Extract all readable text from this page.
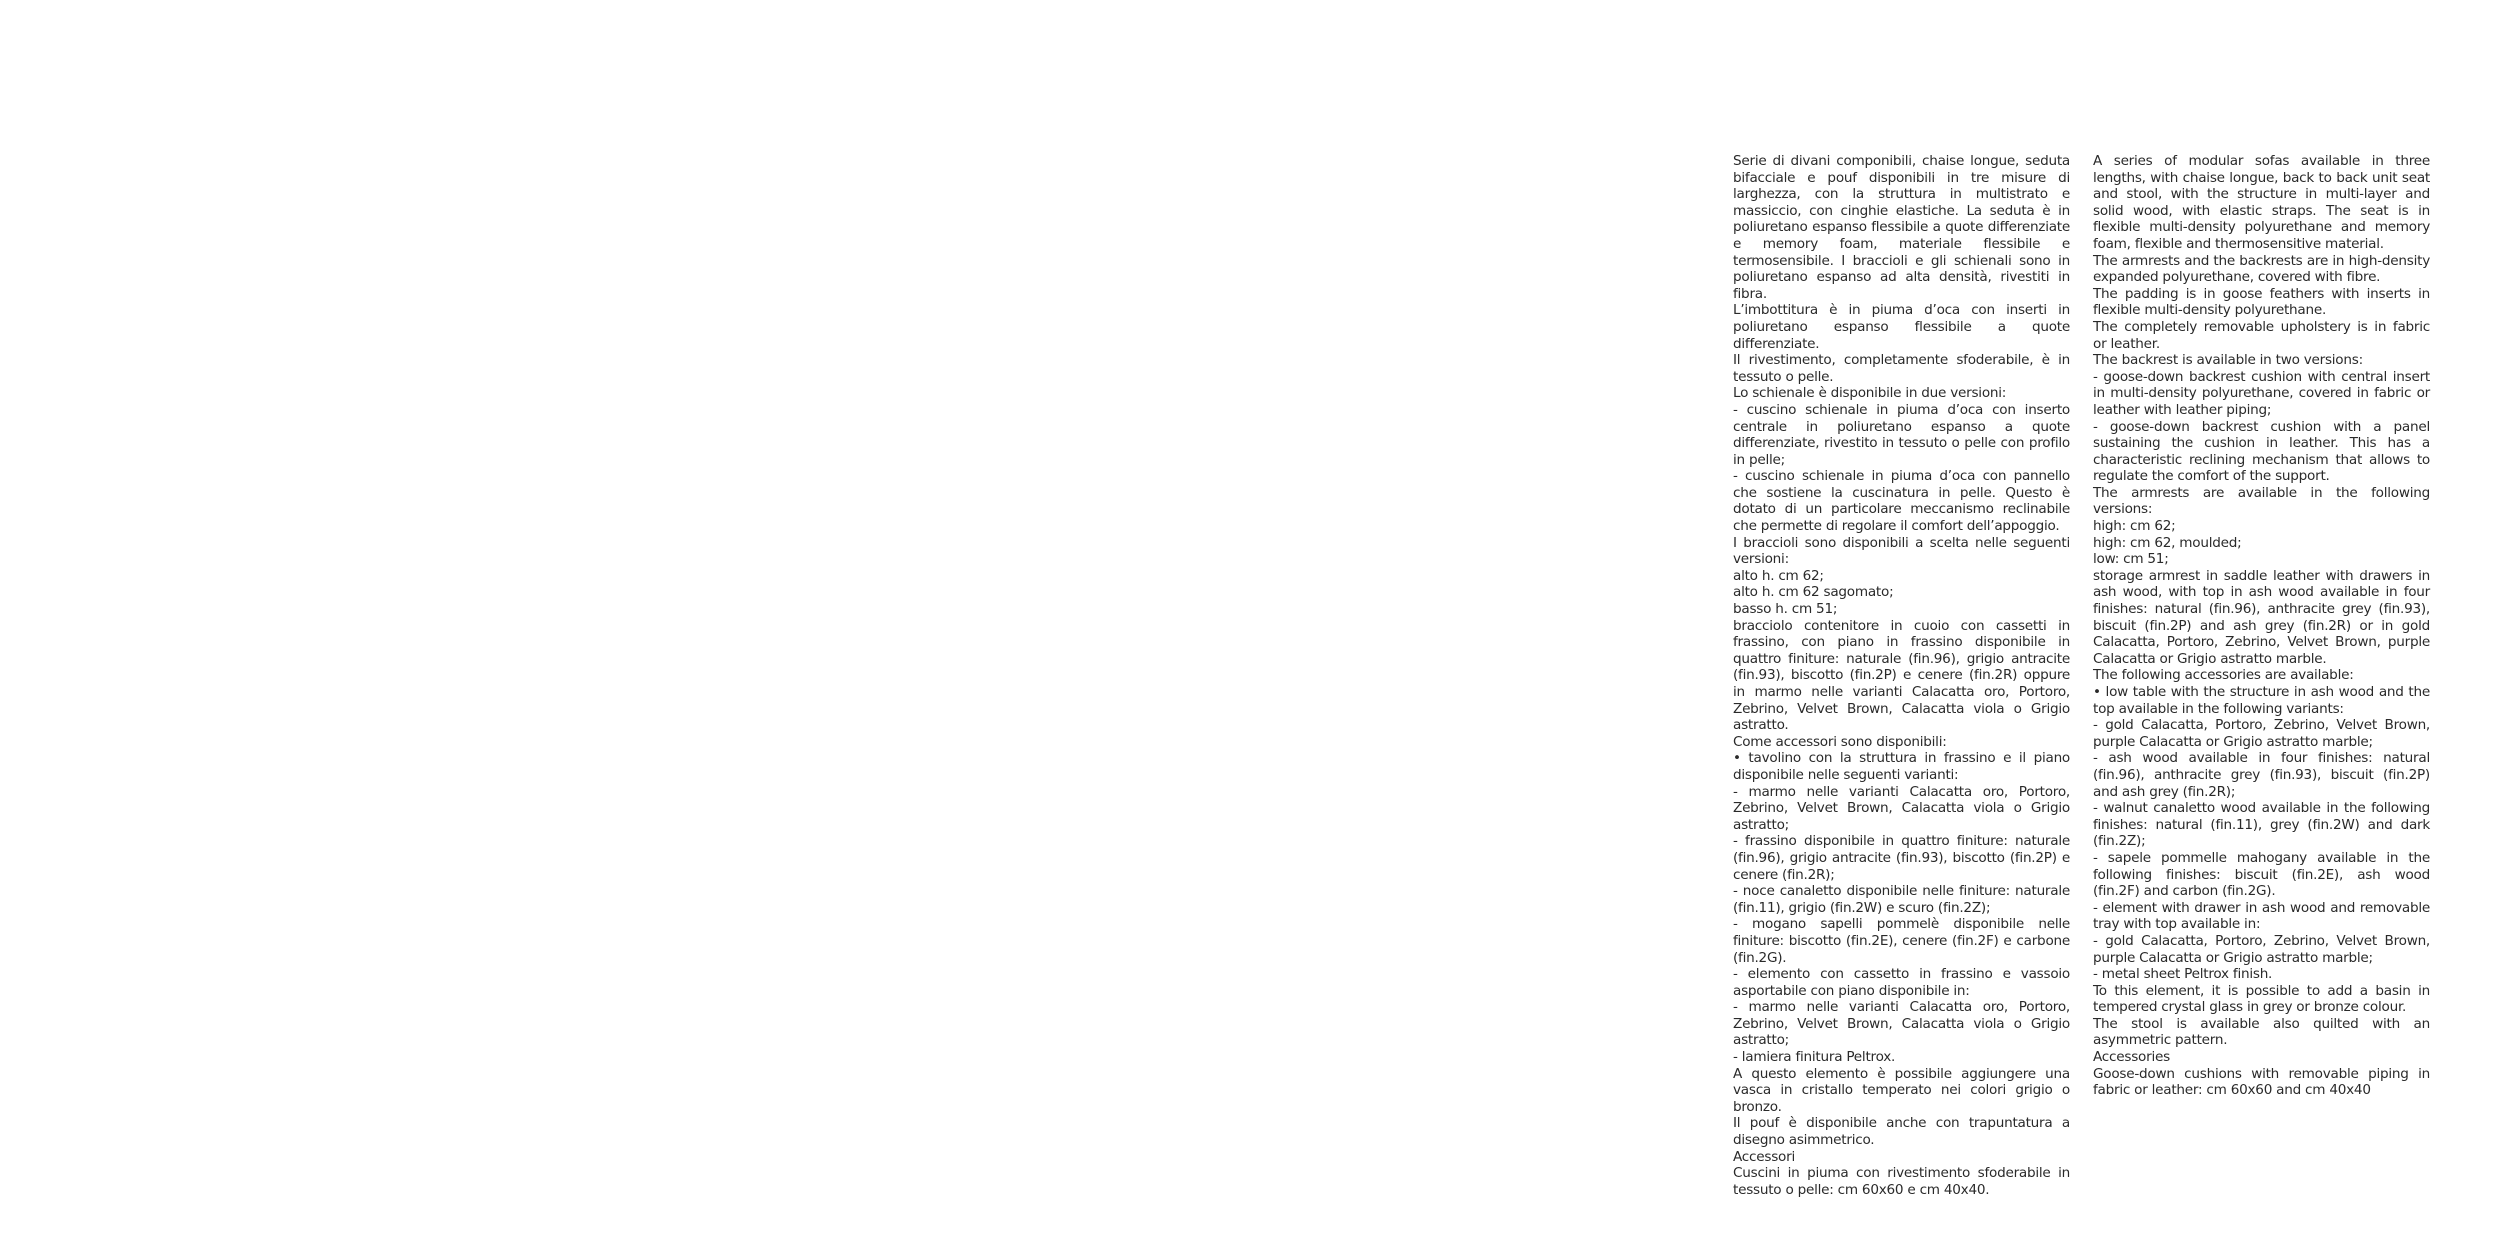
Serie di divani componibili, chaise longue, seduta bifacciale e pouf disponibili in tre misure di larghezza, con la struttura in multistrato e massiccio, con cinghie elastiche. La seduta è in poliuretano espanso flessibile a quote differenziate e memory foam, materiale flessibile e termosensibile. I braccioli e gli schienali sono in poliuretano espanso ad alta densità, rivestiti in fibra.

L’imbottitura è in piuma d’oca con inserti in poliuretano espanso flessibile a quote differenziate.

Il rivestimento, completamente sfoderabile, è in tessuto o pelle.

Lo schienale è disponibile in due versioni:

- cuscino schienale in piuma d’oca con inserto centrale in poliuretano espanso a quote differenziate, rivestito in tessuto o pelle con profilo in pelle;

- cuscino schienale in piuma d’oca con pannello che sostiene la cuscinatura in pelle. Questo è dotato di un particolare meccanismo reclinabile che permette di regolare il comfort dell’appoggio.

I braccioli sono disponibili a scelta nelle seguenti versioni:

alto h. cm 62;

alto h. cm 62 sagomato;

basso h. cm 51;

bracciolo contenitore in cuoio con cassetti in frassino, con piano in frassino disponibile in quattro finiture: naturale (fin.96), grigio antracite (fin.93), biscotto (fin.2P) e cenere (fin.2R) oppure in marmo nelle varianti Calacatta oro, Portoro, Zebrino, Velvet Brown, Calacatta viola o Grigio astratto.

Come accessori sono disponibili:

• tavolino con la struttura in frassino e il piano disponibile nelle seguenti varianti:

- marmo nelle varianti Calacatta oro, Portoro, Zebrino, Velvet Brown, Calacatta viola o Grigio astratto;

- frassino disponibile in quattro finiture: naturale (fin.96), grigio antracite (fin.93), biscotto (fin.2P) e cenere (fin.2R);

- noce canaletto disponibile nelle finiture: naturale (fin.11), grigio (fin.2W) e scuro (fin.2Z);

- mogano sapelli pommelè disponibile nelle finiture: biscotto (fin.2E), cenere (fin.2F) e carbone (fin.2G).

- elemento con cassetto in frassino e vassoio asportabile con piano disponibile in:

- marmo nelle varianti Calacatta oro, Portoro, Zebrino, Velvet Brown, Calacatta viola o Grigio astratto;

- lamiera finitura Peltrox.

A questo elemento è possibile aggiungere una vasca in cristallo temperato nei colori grigio o bronzo.

Il pouf è disponibile anche con trapuntatura a disegno asimmetrico.

Accessori

Cuscini in piuma con rivestimento sfoderabile in tessuto o pelle: cm 60x60 e cm 40x40.

A series of modular sofas available in three lengths, with chaise longue, back to back unit seat and stool, with the structure in multi-layer and solid wood, with elastic straps. The seat is in flexible multi-density polyurethane and memory foam, flexible and thermosensitive material.

The armrests and the backrests are in high-density expanded polyurethane, covered with fibre.

The padding is in goose feathers with inserts in flexible multi-density polyurethane.

The completely removable upholstery is in fabric or leather.

The backrest is available in two versions:

- goose-down backrest cushion with central insert in multi-density polyurethane, covered in fabric or leather with leather piping;

- goose-down backrest cushion with a panel sustaining the cushion in leather. This has a characteristic reclining mechanism that allows to regulate the comfort of the support.

The armrests are available in the following versions:

high: cm 62;

high: cm 62, moulded;

low: cm 51;

storage armrest in saddle leather with drawers in ash wood, with top in ash wood available in four finishes: natural (fin.96), anthracite grey (fin.93), biscuit (fin.2P) and ash grey (fin.2R) or in gold Calacatta, Portoro, Zebrino, Velvet Brown, purple Calacatta or Grigio astratto marble.

The following accessories are available:

• low table with the structure in ash wood and the top available in the following variants:

- gold Calacatta, Portoro, Zebrino, Velvet Brown, purple Calacatta or Grigio astratto marble;

- ash wood available in four finishes: natural (fin.96), anthracite grey (fin.93), biscuit (fin.2P) and ash grey (fin.2R);

- walnut canaletto wood available in the following finishes: natural (fin.11), grey (fin.2W) and dark (fin.2Z);

- sapele pommelle mahogany available in the following finishes: biscuit (fin.2E), ash wood (fin.2F) and carbon (fin.2G).

- element with drawer in ash wood and removable tray with top available in:

- gold Calacatta, Portoro, Zebrino, Velvet Brown, purple Calacatta or Grigio astratto marble;

- metal sheet Peltrox finish.

To this element, it is possible to add a basin in tempered crystal glass in grey or bronze colour.

The stool is available also quilted with an asymmetric pattern.

Accessories

Goose-down cushions with removable piping in fabric or leather: cm 60x60 and cm 40x40
